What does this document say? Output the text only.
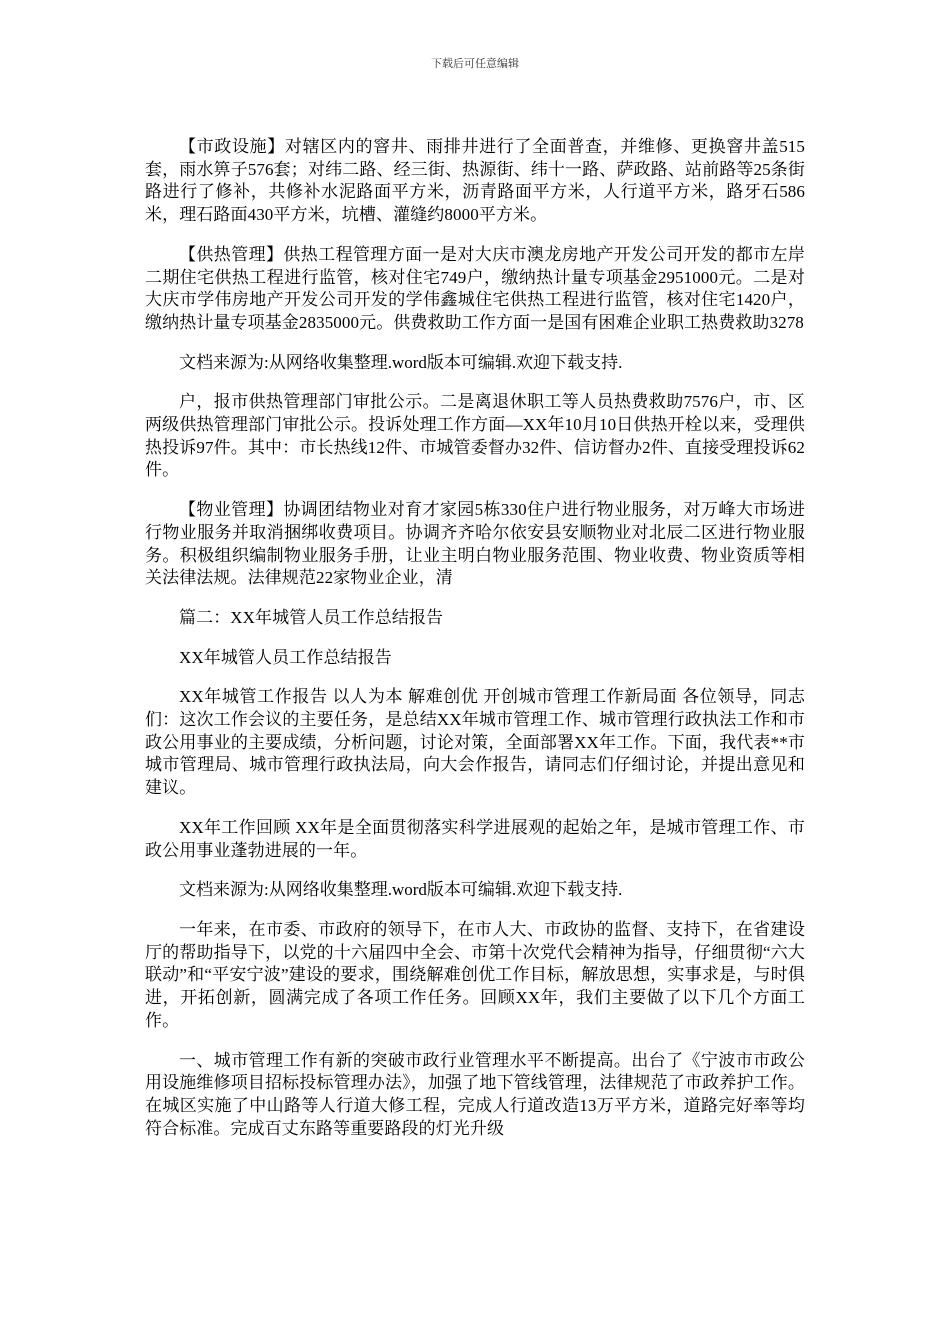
下载后可任意编辑

【市政设施】对辖区内的窨井、雨排井进行了全面普查，并维修、更换窨井盖515套，雨水箅子576套；对纬二路、经三街、热源街、纬十一路、萨政路、站前路等25条街路进行了修补，共修补水泥路面平方米，沥青路面平方米，人行道平方米，路牙石586米，理石路面430平方米，坑槽、灌缝约8000平方米。

【供热管理】供热工程管理方面一是对大庆市澳龙房地产开发公司开发的都市左岸二期住宅供热工程进行监管，核对住宅749户，缴纳热计量专项基金2951000元。二是对大庆市学伟房地产开发公司开发的学伟鑫城住宅供热工程进行监管，核对住宅1420户，缴纳热计量专项基金2835000元。供费救助工作方面一是国有困难企业职工热费救助3278

文档来源为:从网络收集整理.word版本可编辑.欢迎下载支持.

户，报市供热管理部门审批公示。二是离退休职工等人员热费救助7576户，市、区两级供热管理部门审批公示。投诉处理工作方面—XX年10月10日供热开栓以来，受理供热投诉97件。其中：市长热线12件、市城管委督办32件、信访督办2件、直接受理投诉62件。

【物业管理】协调团结物业对育才家园5栋330住户进行物业服务，对万峰大市场进行物业服务并取消捆绑收费项目。协调齐齐哈尔依安县安顺物业对北辰二区进行物业服务。积极组织编制物业服务手册，让业主明白物业服务范围、物业收费、物业资质等相关法律法规。法律规范22家物业企业，清

篇二：XX年城管人员工作总结报告

XX年城管人员工作总结报告

XX年城管工作报告 以人为本 解难创优 开创城市管理工作新局面 各位领导，同志们：这次工作会议的主要任务，是总结XX年城市管理工作、城市管理行政执法工作和市政公用事业的主要成绩，分析问题，讨论对策，全面部署XX年工作。下面，我代表**市城市管理局、城市管理行政执法局，向大会作报告，请同志们仔细讨论，并提出意见和建议。

XX年工作回顾 XX年是全面贯彻落实科学进展观的起始之年，是城市管理工作、市政公用事业蓬勃进展的一年。

文档来源为:从网络收集整理.word版本可编辑.欢迎下载支持.

一年来，在市委、市政府的领导下，在市人大、市政协的监督、支持下，在省建设厅的帮助指导下，以党的十六届四中全会、市第十次党代会精神为指导，仔细贯彻“六大联动”和“平安宁波”建设的要求，围绕解难创优工作目标，解放思想，实事求是，与时俱进，开拓创新，圆满完成了各项工作任务。回顾XX年，我们主要做了以下几个方面工作。

一、城市管理工作有新的突破市政行业管理水平不断提高。出台了《宁波市市政公用设施维修项目招标投标管理办法》，加强了地下管线管理，法律规范了市政养护工作。在城区实施了中山路等人行道大修工程，完成人行道改造13万平方米，道路完好率等均符合标准。完成百丈东路等重要路段的灯光升级
